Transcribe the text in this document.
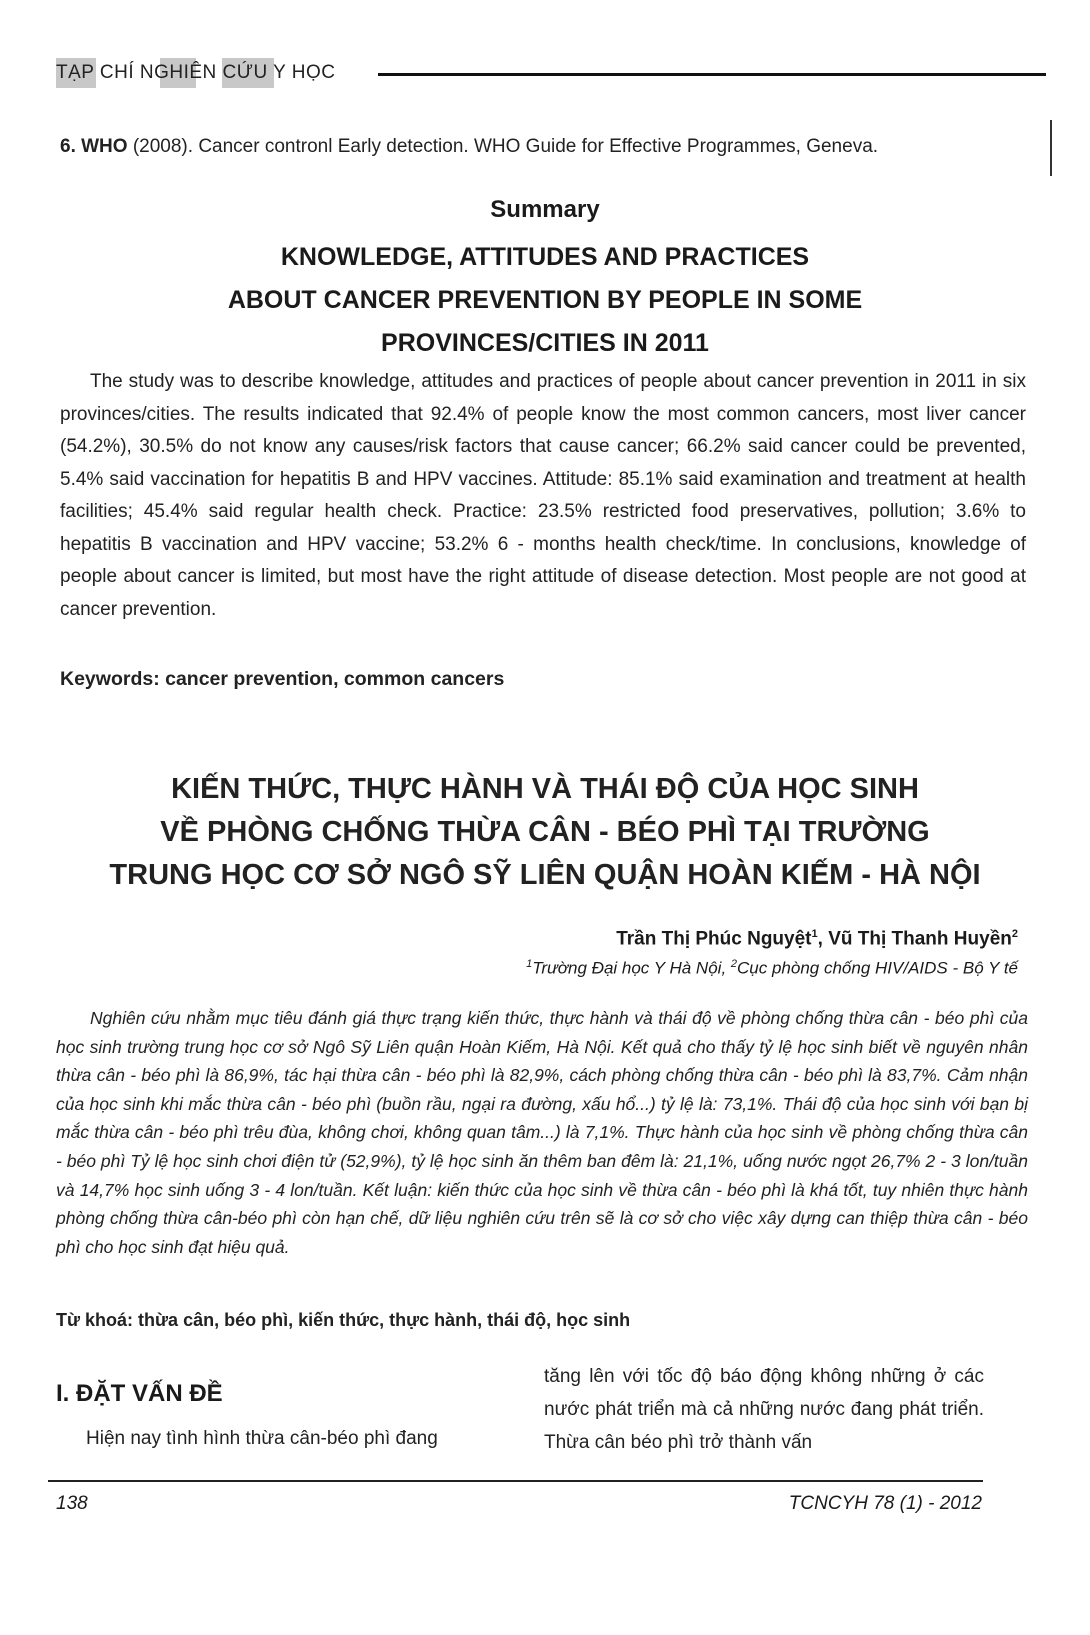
TẠP CHÍ NGHIÊN CỨU Y HỌC
6. WHO (2008). Cancer contronl Early detection. WHO Guide for Effective Programmes, Geneva.
Summary
KNOWLEDGE, ATTITUDES AND PRACTICES
ABOUT CANCER PREVENTION BY PEOPLE IN SOME
PROVINCES/CITIES IN 2011

The study was to describe knowledge, attitudes and practices of people about cancer prevention in 2011 in six provinces/cities. The results indicated that 92.4% of people know the most common cancers, most liver cancer (54.2%), 30.5% do not know any causes/risk factors that cause cancer; 66.2% said cancer could be prevented, 5.4% said vaccination for hepatitis B and HPV vaccines. Attitude: 85.1% said examination and treatment at health facilities; 45.4% said regular health check. Practice: 23.5% restricted food preservatives, pollution; 3.6% to hepatitis B vaccination and HPV vaccine; 53.2% 6 - months health check/time. In conclusions, knowledge of people about cancer is limited, but most have the right attitude of disease detection. Most people are not good at cancer prevention.

Keywords: cancer prevention, common cancers
KIẾN THỨC, THỰC HÀNH VÀ THÁI ĐỘ CỦA HỌC SINH
VỀ PHÒNG CHỐNG THỪA CÂN - BÉO PHÌ TẠI TRƯỜNG
TRUNG HỌC CƠ SỞ NGÔ SỸ LIÊN QUẬN HOÀN KIẾM - HÀ NỘI
Trần Thị Phúc Nguyệt$^1$, Vũ Thị Thanh Huyền$^2$
$^1$Trường Đại học Y Hà Nội, $^2$Cục phòng chống HIV/AIDS - Bộ Y tế

Nghiên cứu nhằm mục tiêu đánh giá thực trạng kiến thức, thực hành và thái độ về phòng chống thừa cân - béo phì của học sinh trường trung học cơ sở Ngô Sỹ Liên quận Hoàn Kiếm, Hà Nội. Kết quả cho thấy tỷ lệ học sinh biết về nguyên nhân thừa cân - béo phì là 86,9%, tác hại thừa cân - béo phì là 82,9%, cách phòng chống thừa cân - béo phì là 83,7%. Cảm nhận của học sinh khi mắc thừa cân - béo phì (buồn rầu, ngại ra đường, xấu hổ...) tỷ lệ là: 73,1%. Thái độ của học sinh với bạn bị mắc thừa cân - béo phì trêu đùa, không chơi, không quan tâm...) là 7,1%. Thực hành của học sinh về phòng chống thừa cân - béo phì Tỷ lệ học sinh chơi điện tử (52,9%), tỷ lệ học sinh ăn thêm ban đêm là: 21,1%, uống nước ngọt 26,7% 2 - 3 lon/tuần và 14,7% học sinh uống 3 - 4 lon/tuần. Kết luận: kiến thức của học sinh về thừa cân - béo phì là khá tốt, tuy nhiên thực hành phòng chống thừa cân-béo phì còn hạn chế, dữ liệu nghiên cứu trên sẽ là cơ sở cho việc xây dựng can thiệp thừa cân - béo phì cho học sinh đạt hiệu quả.

Từ khoá: thừa cân, béo phì, kiến thức, thực hành, thái độ, học sinh
I. ĐẶT VẤN ĐỀ
Hiện nay tình hình thừa cân-béo phì đang
tăng lên với tốc độ báo động không những ở các nước phát triển mà cả những nước đang phát triển. Thừa cân béo phì trở thành vấn
138	TCNCYH 78 (1) - 2012
